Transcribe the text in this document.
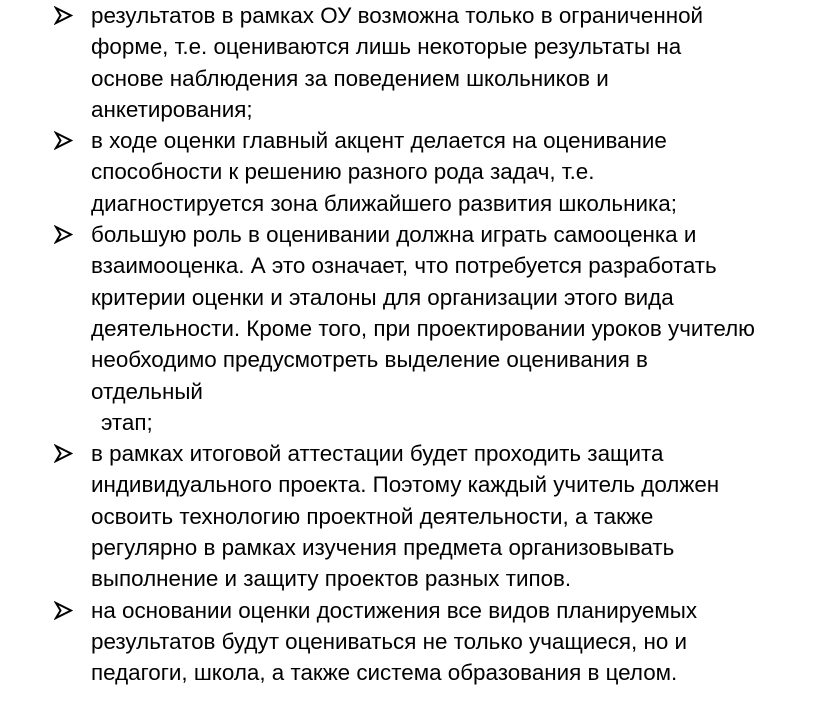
результатов в рамках ОУ возможна только в ограниченной
форме, т.е. оцениваются лишь некоторые результаты на
основе наблюдения за поведением школьников и
анкетирования;
в ходе оценки главный акцент делается на оценивание
способности к решению разного рода задач, т.е.
диагностируется зона ближайшего развития школьника;
большую роль в оценивании должна играть самооценка и
взаимооценка. А это означает, что потребуется разработать
критерии оценки и эталоны для организации этого вида
деятельности. Кроме того, при проектировании уроков учителю
необходимо предусмотреть выделение оценивания в
отдельный
этап;
в рамках итоговой аттестации будет проходить защита
индивидуального проекта. Поэтому каждый учитель должен
освоить технологию проектной деятельности, а также
регулярно в рамках изучения предмета организовывать
выполнение и защиту проектов разных типов.
на основании оценки достижения все видов планируемых
результатов будут оцениваться не только учащиеся, но и
педагоги, школа, а также система образования в целом.
